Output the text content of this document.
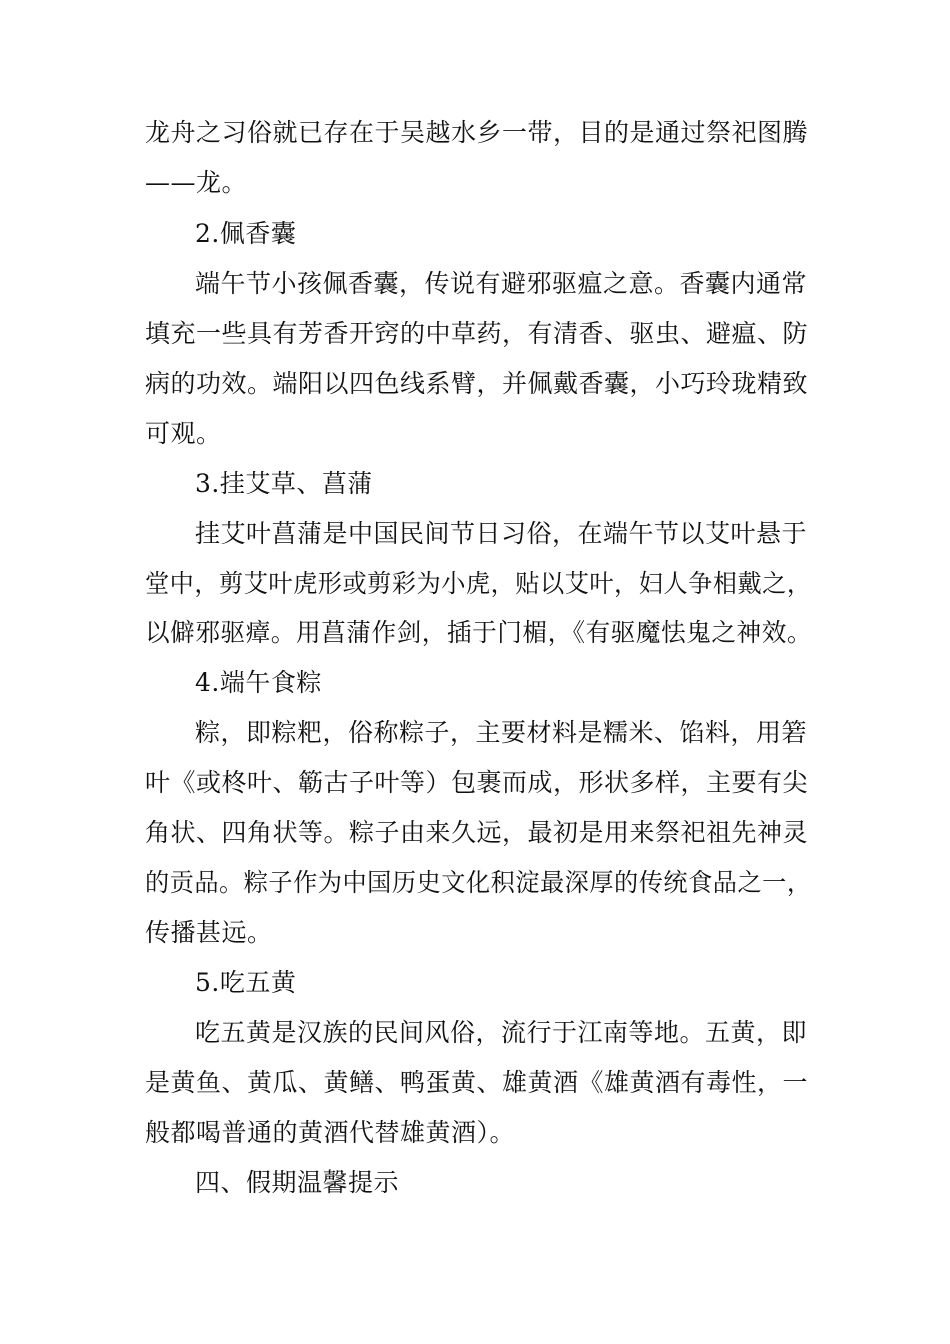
龙舟之习俗就已存在于吴越水乡一带，目的是通过祭祀图腾
——龙。
2.佩香囊
端午节小孩佩香囊，传说有避邪驱瘟之意。香囊内通常
填充一些具有芳香开窍的中草药，有清香、驱虫、避瘟、防
病的功效。端阳以四色线系臂，并佩戴香囊，小巧玲珑精致
可观。
3.挂艾草、菖蒲
挂艾叶菖蒲是中国民间节日习俗，在端午节以艾叶悬于
堂中，剪艾叶虎形或剪彩为小虎，贴以艾叶，妇人争相戴之，
以僻邪驱瘴。用菖蒲作剑，插于门楣，《有驱魔怯鬼之神效。
4.端午食粽
粽，即粽粑，俗称粽子，主要材料是糯米、馅料，用箬
叶《或柊叶、簕古子叶等）包裹而成，形状多样，主要有尖
角状、四角状等。粽子由来久远，最初是用来祭祀祖先神灵
的贡品。粽子作为中国历史文化积淀最深厚的传统食品之一，
传播甚远。
5.吃五黄
吃五黄是汉族的民间风俗，流行于江南等地。五黄，即
是黄鱼、黄瓜、黄鳝、鸭蛋黄、雄黄酒《雄黄酒有毒性，一
般都喝普通的黄酒代替雄黄酒）。
四、假期温馨提示
